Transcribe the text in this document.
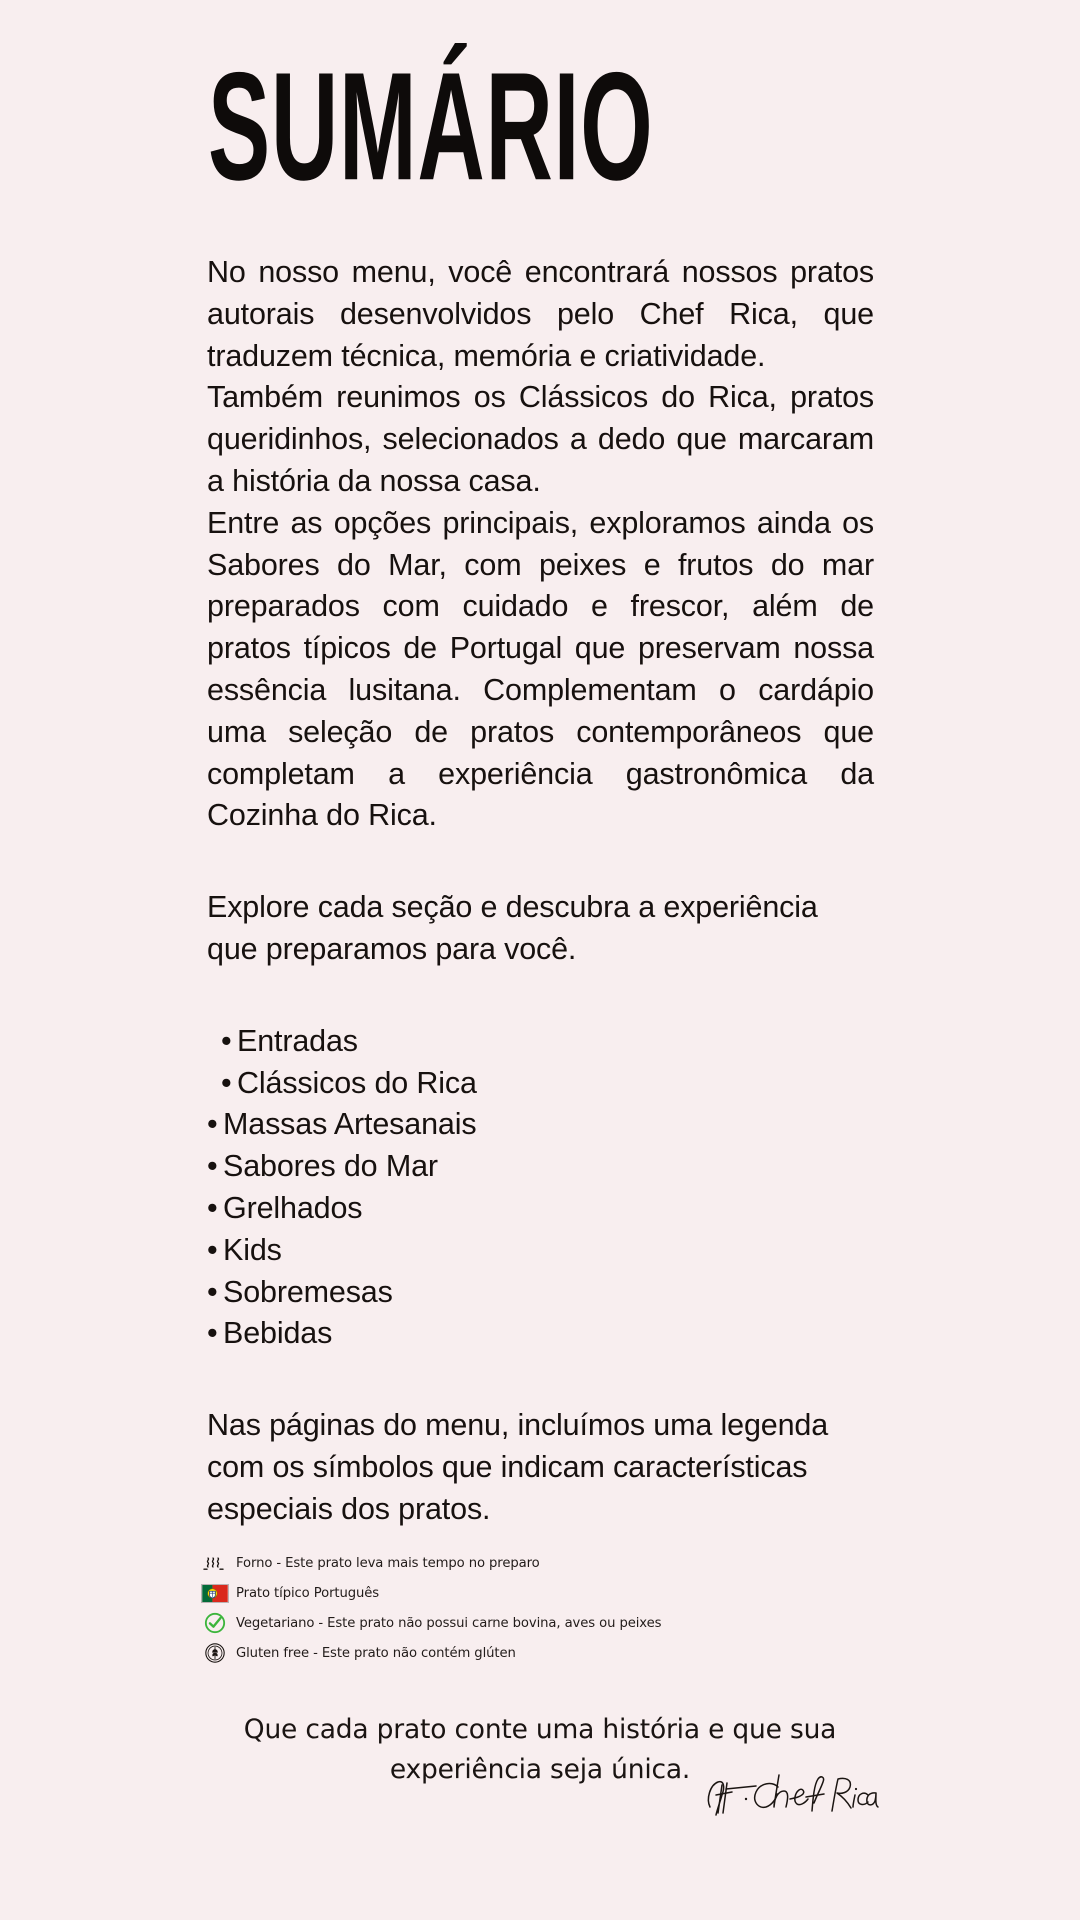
SUMÁRIO

No nosso menu, você encontrará nossos pratos autorais desenvolvidos pelo Chef Rica, que traduzem técnica, memória e criatividade.

Também reunimos os Clássicos do Rica, pratos queridinhos, selecionados a dedo que marcaram a história da nossa casa.

Entre as opções principais, exploramos ainda os Sabores do Mar, com peixes e frutos do mar preparados com cuidado e frescor, além de pratos típicos de Portugal que preservam nossa essência lusitana. Complementam o cardápio uma seleção de pratos contemporâneos que completam a experiência gastronômica da Cozinha do Rica.

Explore cada seção e descubra a experiência
que preparamos para você.
• Entradas
• Clássicos do Rica
• Massas Artesanais
• Sabores do Mar
• Grelhados
• Kids
• Sobremesas
• Bebidas
Nas páginas do menu, incluímos uma legenda
com os símbolos que indicam características
especiais dos pratos.
Forno - Este prato leva mais tempo no preparo
Prato típico Português
Vegetariano - Este prato não possui carne bovina, aves ou peixes
Gluten free - Este prato não contém glúten
Que cada prato conte uma história e que sua
experiência seja única.
